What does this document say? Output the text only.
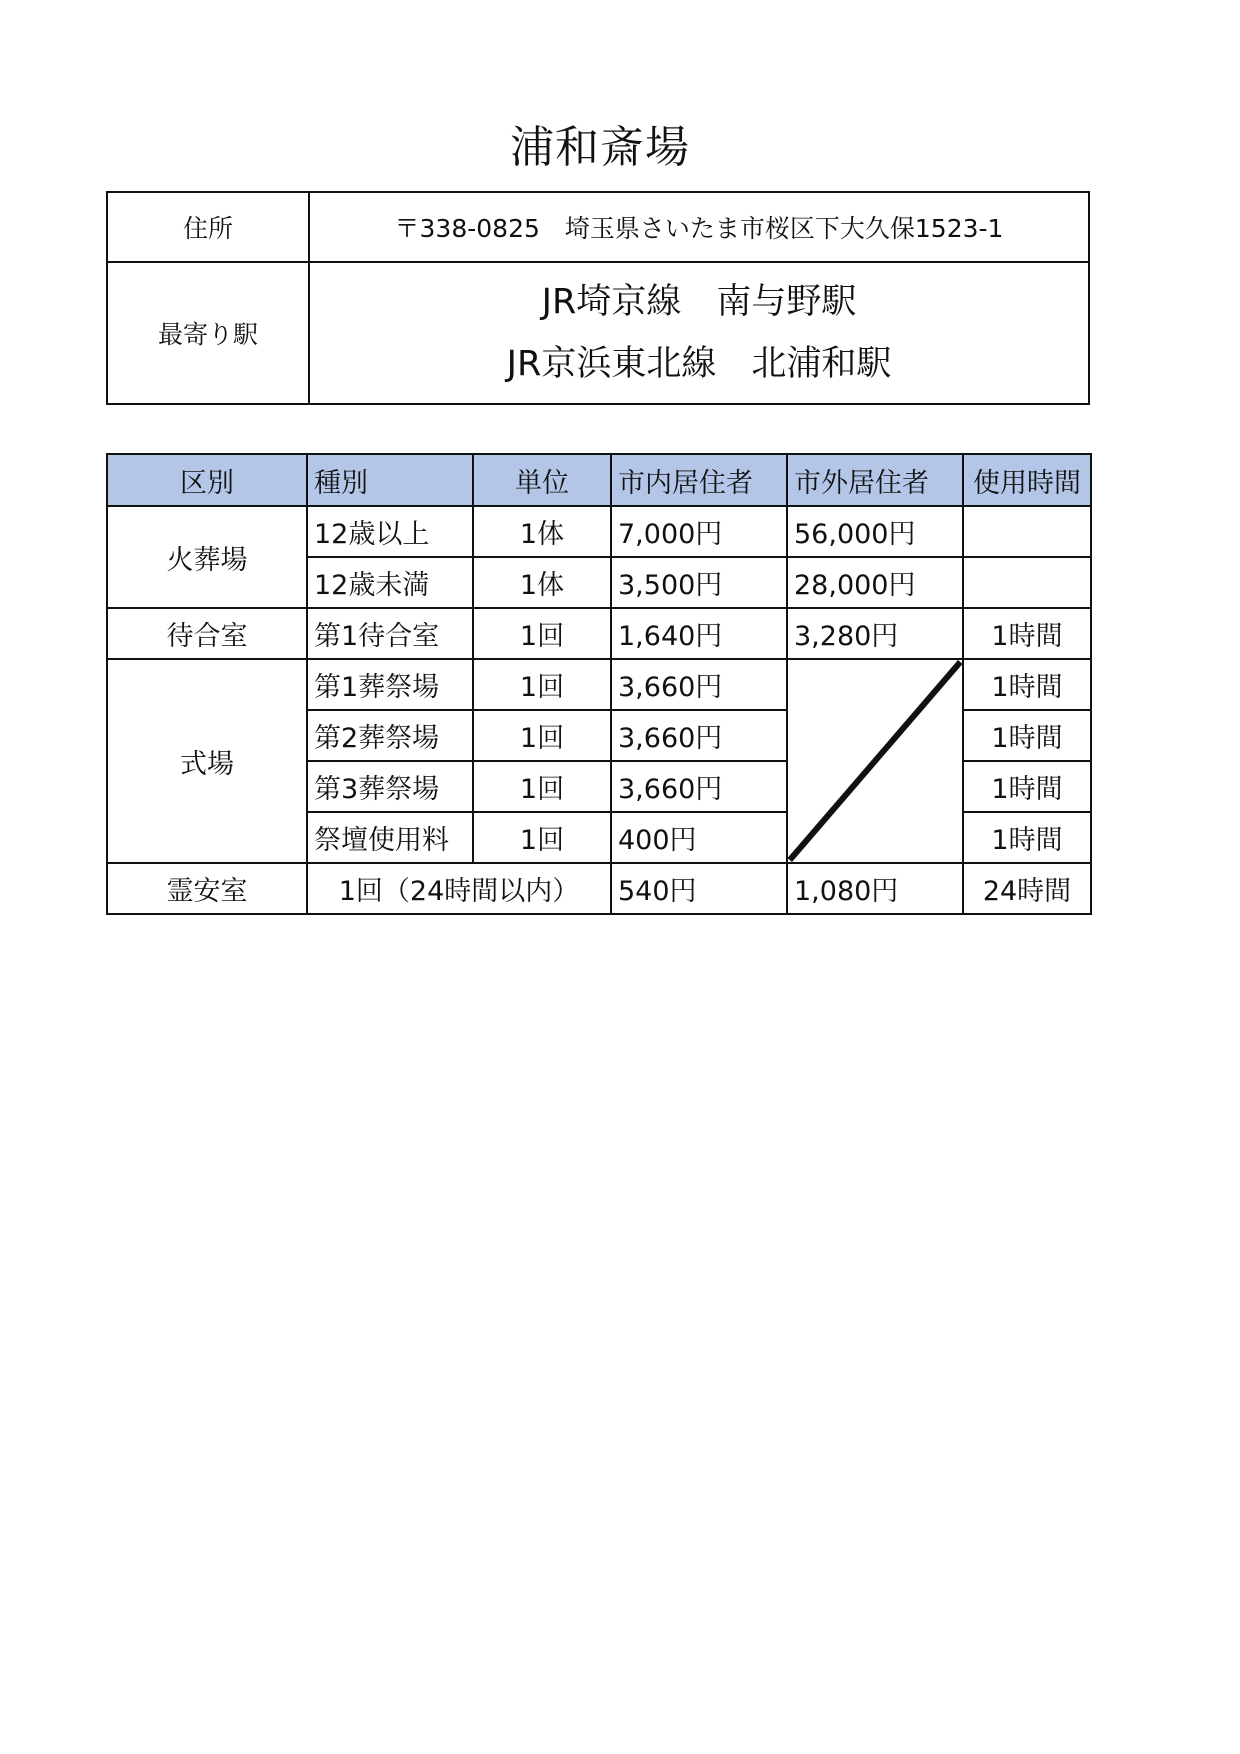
浦和斎場
住所	〒338-0825　埼玉県さいたま市桜区下大久保1523-1
最寄り駅	JR埼京線　南与野駅
JR京浜東北線　北浦和駅
区別	種別	単位	市内居住者	市外居住者	使用時間
火葬場	12歳以上	1体	7,000円	56,000円	
	12歳未満	1体	3,500円	28,000円	
待合室	第1待合室	1回	1,640円	3,280円	1時間
式場	第1葬祭場	1回	3,660円		1時間
	第2葬祭場	1回	3,660円		1時間
	第3葬祭場	1回	3,660円		1時間
	祭壇使用料	1回	400円		1時間
霊安室	1回（24時間以内）		540円	1,080円	24時間
